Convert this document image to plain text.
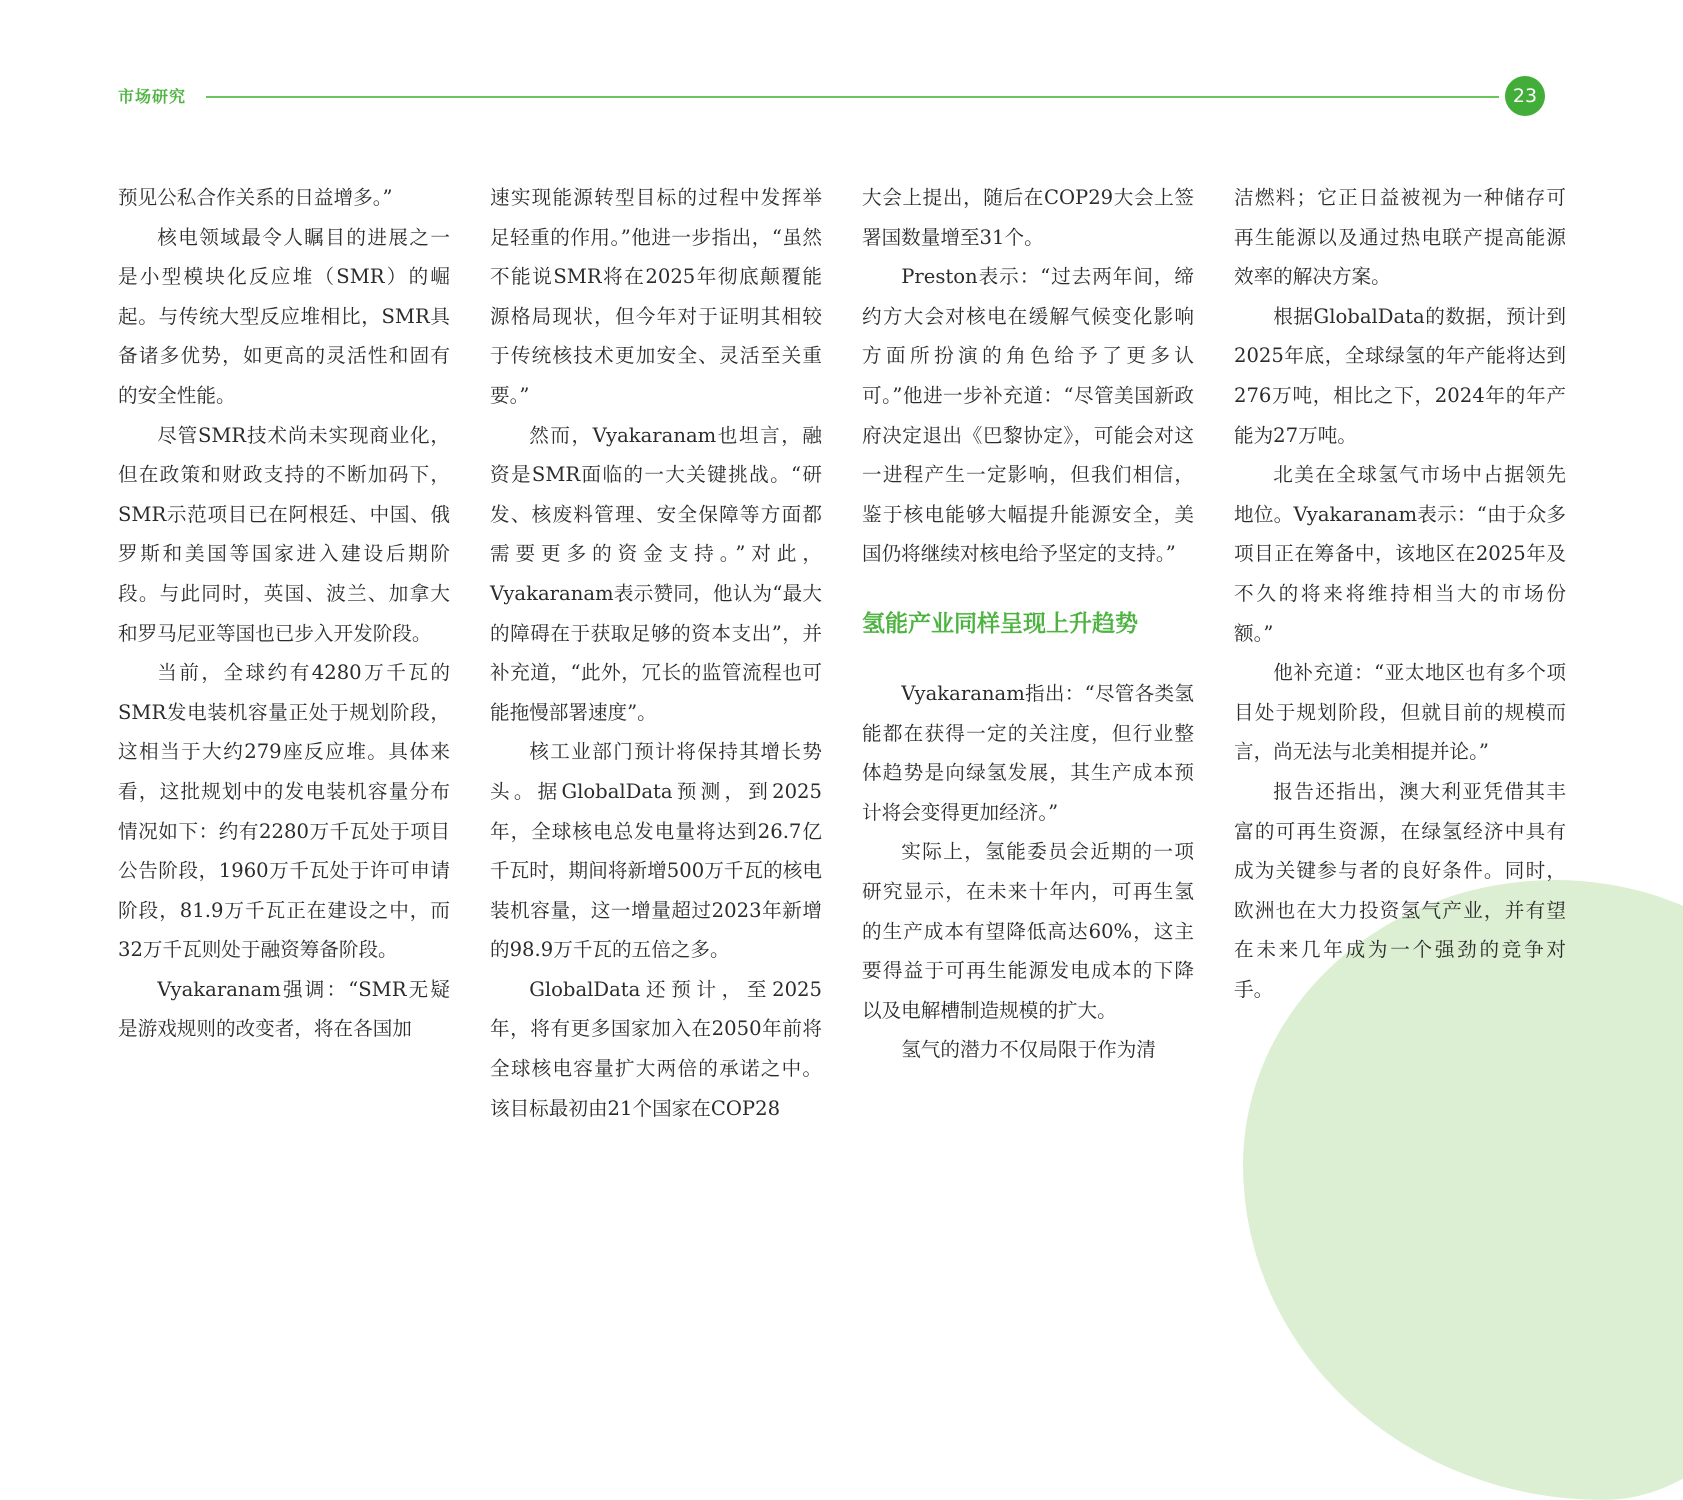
市场研究	23

预见公私合作关系的日益增多。”

核电领域最令人瞩目的进展之一是小型模块化反应堆（SMR）的崛起。与传统大型反应堆相比，SMR具备诸多优势，如更高的灵活性和固有的安全性能。

尽管SMR技术尚未实现商业化，但在政策和财政支持的不断加码下，SMR示范项目已在阿根廷、中国、俄罗斯和美国等国家进入建设后期阶段。与此同时，英国、波兰、加拿大和罗马尼亚等国也已步入开发阶段。

当前，全球约有4280万千瓦的SMR发电装机容量正处于规划阶段，这相当于大约279座反应堆。具体来看，这批规划中的发电装机容量分布情况如下：约有2280万千瓦处于项目公告阶段，1960万千瓦处于许可申请阶段，81.9万千瓦正在建设之中，而32万千瓦则处于融资筹备阶段。

Vyakaranam强调：“SMR无疑是游戏规则的改变者，将在各国加

速实现能源转型目标的过程中发挥举足轻重的作用。”他进一步指出，“虽然不能说SMR将在2025年彻底颠覆能源格局现状，但今年对于证明其相较于传统核技术更加安全、灵活至关重要。”

然而，Vyakaranam也坦言，融资是SMR面临的一大关键挑战。“研发、核废料管理、安全保障等方面都需要更多的资金支持。”对此，Vyakaranam表示赞同，他认为“最大的障碍在于获取足够的资本支出”，并补充道，“此外，冗长的监管流程也可能拖慢部署速度”。

核工业部门预计将保持其增长势头。据GlobalData预测，到2025年，全球核电总发电量将达到26.7亿千瓦时，期间将新增500万千瓦的核电装机容量，这一增量超过2023年新增的98.9万千瓦的五倍之多。

GlobalData还预计，至2025年，将有更多国家加入在2050年前将全球核电容量扩大两倍的承诺之中。该目标最初由21个国家在COP28

大会上提出，随后在COP29大会上签署国数量增至31个。

Preston表示：“过去两年间，缔约方大会对核电在缓解气候变化影响方面所扮演的角色给予了更多认可。”他进一步补充道：“尽管美国新政府决定退出《巴黎协定》，可能会对这一进程产生一定影响，但我们相信，鉴于核电能够大幅提升能源安全，美国仍将继续对核电给予坚定的支持。”

氢能产业同样呈现上升趋势

Vyakaranam指出：“尽管各类氢能都在获得一定的关注度，但行业整体趋势是向绿氢发展，其生产成本预计将会变得更加经济。”

实际上，氢能委员会近期的一项研究显示，在未来十年内，可再生氢的生产成本有望降低高达60%，这主要得益于可再生能源发电成本的下降以及电解槽制造规模的扩大。

氢气的潜力不仅局限于作为清

洁燃料；它正日益被视为一种储存可再生能源以及通过热电联产提高能源效率的解决方案。

根据GlobalData的数据，预计到2025年底，全球绿氢的年产能将达到276万吨，相比之下，2024年的年产能为27万吨。

北美在全球氢气市场中占据领先地位。Vyakaranam表示：“由于众多项目正在筹备中，该地区在2025年及不久的将来将维持相当大的市场份额。”

他补充道：“亚太地区也有多个项目处于规划阶段，但就目前的规模而言，尚无法与北美相提并论。”

报告还指出，澳大利亚凭借其丰富的可再生资源，在绿氢经济中具有成为关键参与者的良好条件。同时，欧洲也在大力投资氢气产业，并有望在未来几年成为一个强劲的竞争对手。
